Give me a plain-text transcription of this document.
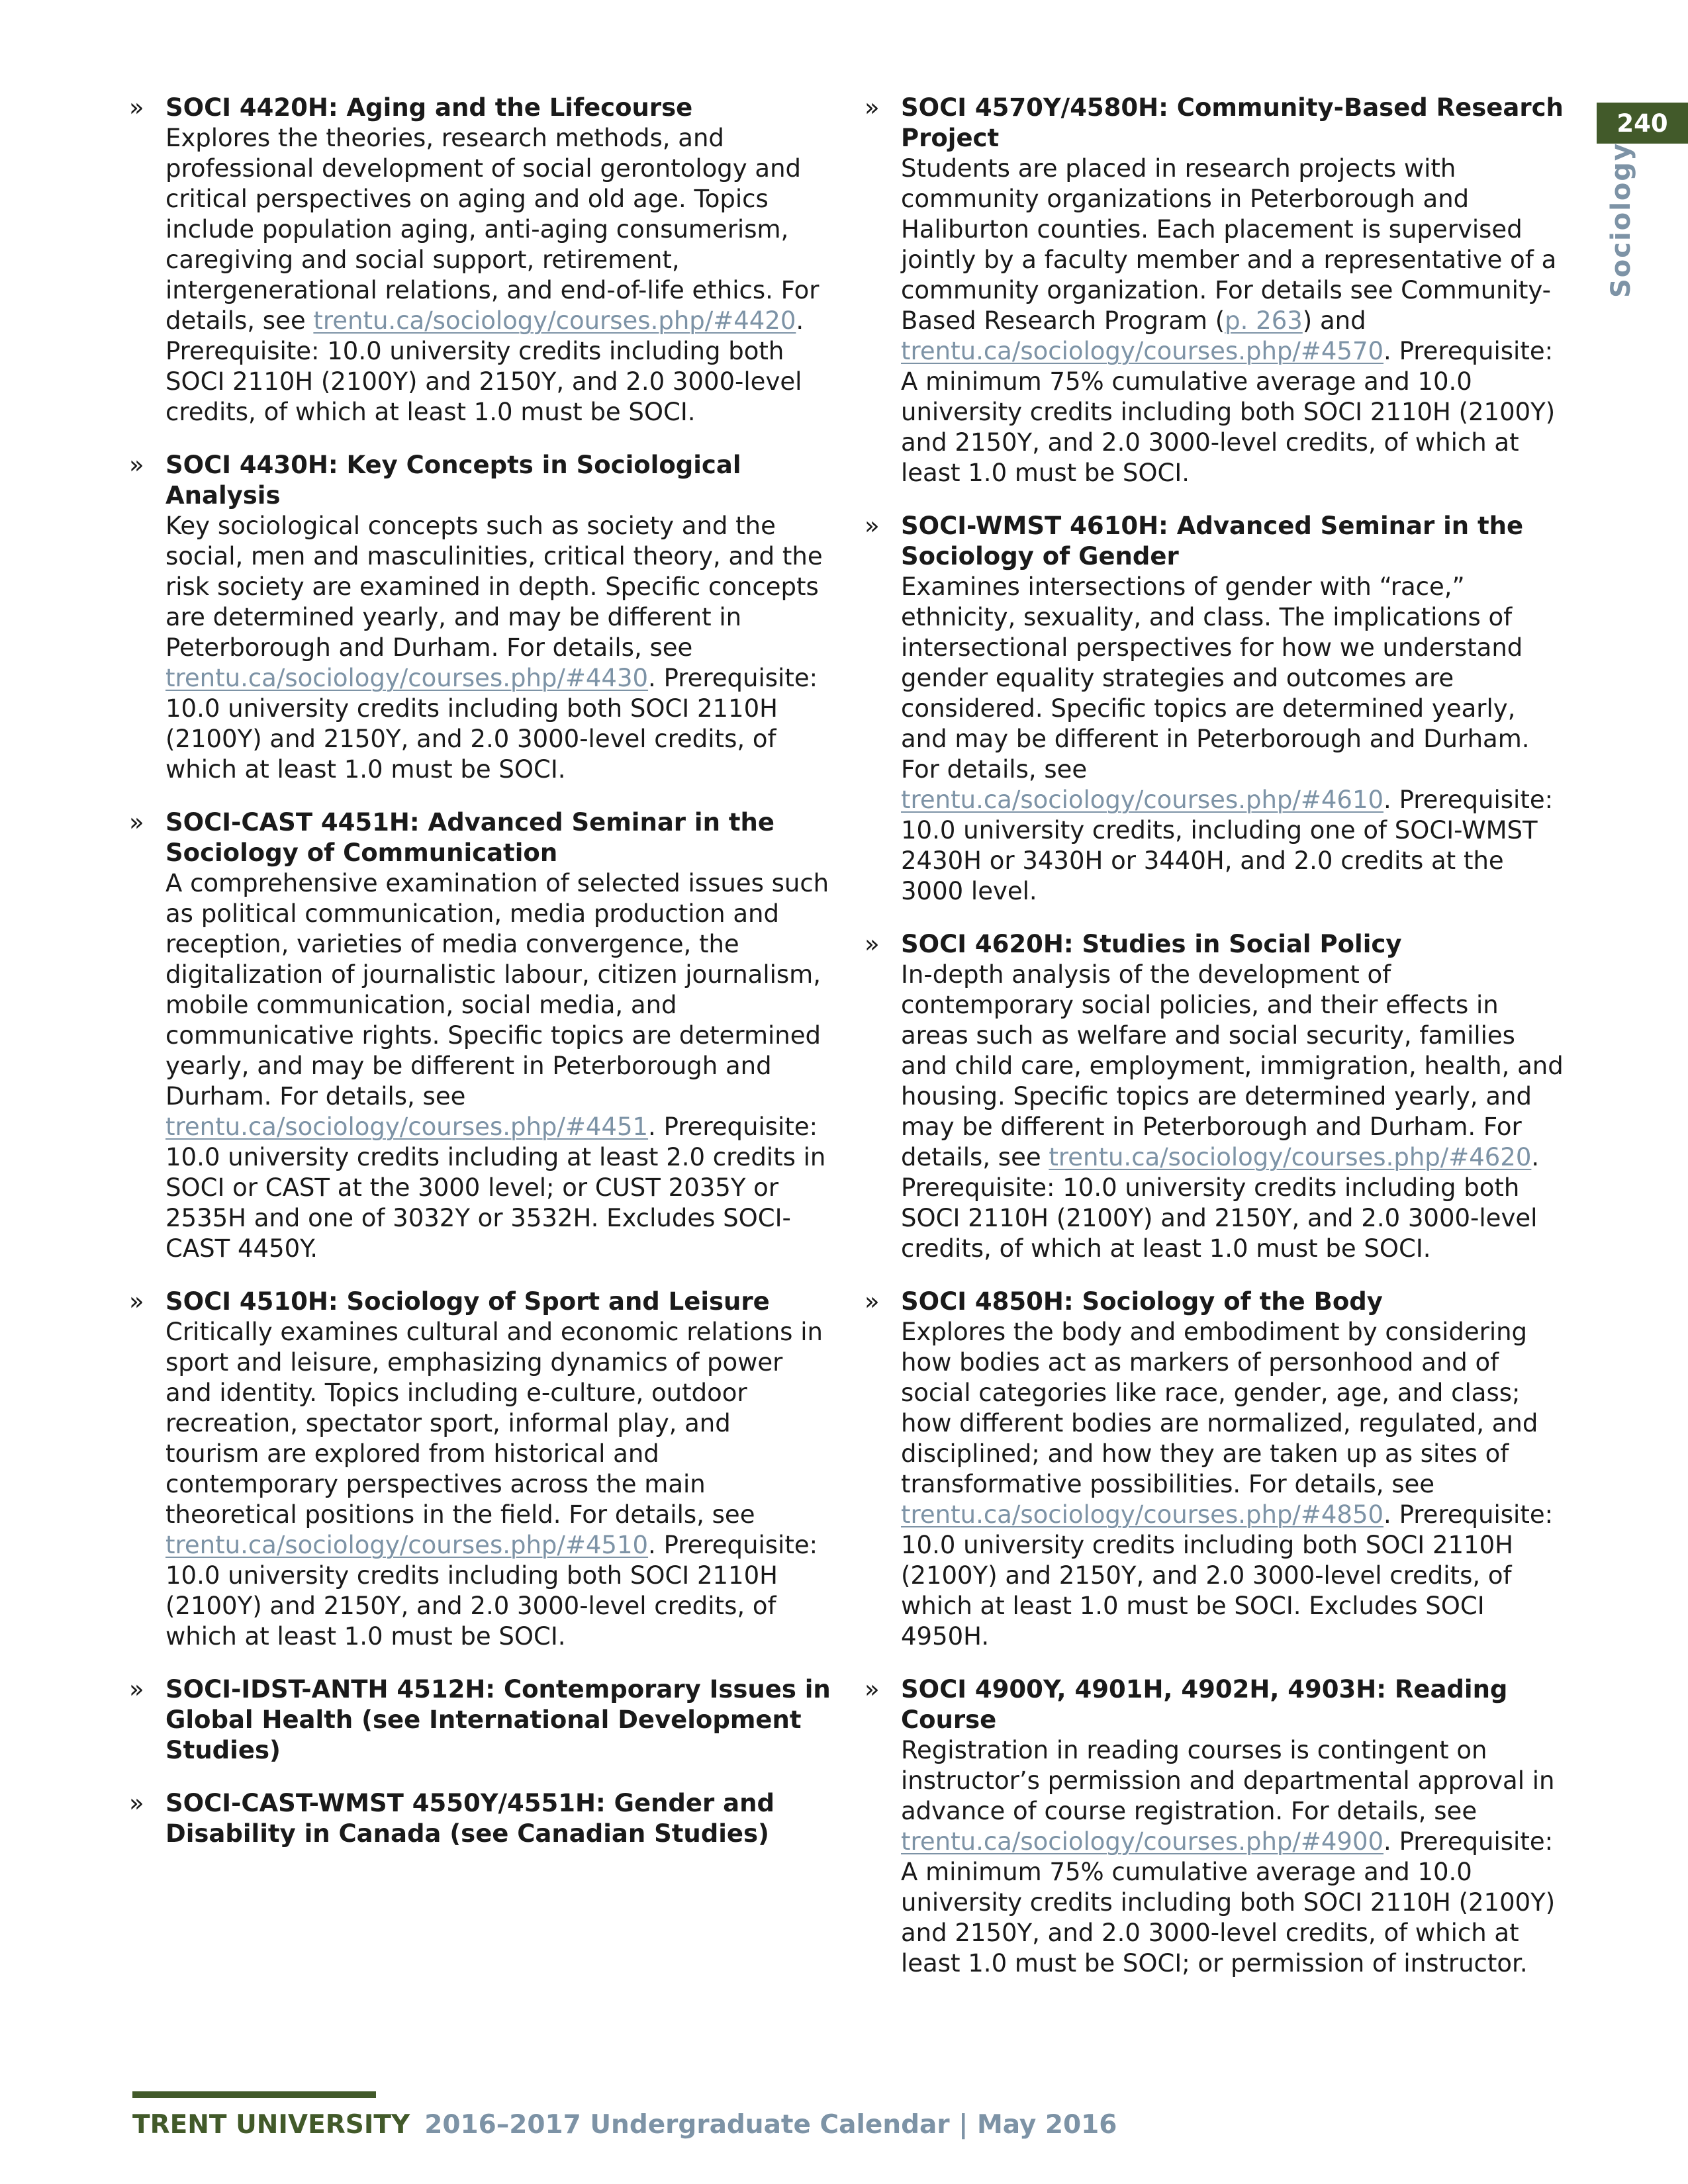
240
Sociology
» SOCI 4420H: Aging and the Lifecourse
Explores the theories, research methods, and professional development of social gerontology and critical perspectives on aging and old age. Topics include population aging, anti-aging consumerism, caregiving and social support, retirement, intergenerational relations, and end-of-life ethics. For details, see trentu.ca/sociology/courses.php/#4420. Prerequisite: 10.0 university credits including both SOCI 2110H (2100Y) and 2150Y, and 2.0 3000-level credits, of which at least 1.0 must be SOCI.
» SOCI 4430H: Key Concepts in Sociological Analysis
Key sociological concepts such as society and the social, men and masculinities, critical theory, and the risk society are examined in depth. Specific concepts are determined yearly, and may be different in Peterborough and Durham. For details, see trentu.ca/sociology/courses.php/#4430. Prerequisite: 10.0 university credits including both SOCI 2110H (2100Y) and 2150Y, and 2.0 3000-level credits, of which at least 1.0 must be SOCI.
» SOCI-CAST 4451H: Advanced Seminar in the Sociology of Communication
A comprehensive examination of selected issues such as political communication, media production and reception, varieties of media convergence, the digitalization of journalistic labour, citizen journalism, mobile communication, social media, and communicative rights. Specific topics are determined yearly, and may be different in Peterborough and Durham. For details, see trentu.ca/sociology/courses.php/#4451. Prerequisite: 10.0 university credits including at least 2.0 credits in SOCI or CAST at the 3000 level; or CUST 2035Y or 2535H and one of 3032Y or 3532H. Excludes SOCI-CAST 4450Y.
» SOCI 4510H: Sociology of Sport and Leisure
Critically examines cultural and economic relations in sport and leisure, emphasizing dynamics of power and identity. Topics including e-culture, outdoor recreation, spectator sport, informal play, and tourism are explored from historical and contemporary perspectives across the main theoretical positions in the field. For details, see trentu.ca/sociology/courses.php/#4510. Prerequisite: 10.0 university credits including both SOCI 2110H (2100Y) and 2150Y, and 2.0 3000-level credits, of which at least 1.0 must be SOCI.
» SOCI-IDST-ANTH 4512H: Contemporary Issues in Global Health (see International Development Studies)
» SOCI-CAST-WMST 4550Y/4551H: Gender and Disability in Canada (see Canadian Studies)
» SOCI 4570Y/4580H: Community-Based Research Project
Students are placed in research projects with community organizations in Peterborough and Haliburton counties. Each placement is supervised jointly by a faculty member and a representative of a community organization. For details see Community-Based Research Program (p. 263) and trentu.ca/sociology/courses.php/#4570. Prerequisite: A minimum 75% cumulative average and 10.0 university credits including both SOCI 2110H (2100Y) and 2150Y, and 2.0 3000-level credits, of which at least 1.0 must be SOCI.
» SOCI-WMST 4610H: Advanced Seminar in the Sociology of Gender
Examines intersections of gender with “race,” ethnicity, sexuality, and class. The implications of intersectional perspectives for how we understand gender equality strategies and outcomes are considered. Specific topics are determined yearly, and may be different in Peterborough and Durham. For details, see trentu.ca/sociology/courses.php/#4610. Prerequisite: 10.0 university credits, including one of SOCI-WMST 2430H or 3430H or 3440H, and 2.0 credits at the 3000 level.
» SOCI 4620H: Studies in Social Policy
In-depth analysis of the development of contemporary social policies, and their effects in areas such as welfare and social security, families and child care, employment, immigration, health, and housing. Specific topics are determined yearly, and may be different in Peterborough and Durham. For details, see trentu.ca/sociology/courses.php/#4620. Prerequisite: 10.0 university credits including both SOCI 2110H (2100Y) and 2150Y, and 2.0 3000-level credits, of which at least 1.0 must be SOCI.
» SOCI 4850H: Sociology of the Body
Explores the body and embodiment by considering how bodies act as markers of personhood and of social categories like race, gender, age, and class; how different bodies are normalized, regulated, and disciplined; and how they are taken up as sites of transformative possibilities. For details, see trentu.ca/sociology/courses.php/#4850. Prerequisite: 10.0 university credits including both SOCI 2110H (2100Y) and 2150Y, and 2.0 3000-level credits, of which at least 1.0 must be SOCI. Excludes SOCI 4950H.
» SOCI 4900Y, 4901H, 4902H, 4903H: Reading Course
Registration in reading courses is contingent on instructor’s permission and departmental approval in advance of course registration. For details, see trentu.ca/sociology/courses.php/#4900. Prerequisite: A minimum 75% cumulative average and 10.0 university credits including both SOCI 2110H (2100Y) and 2150Y, and 2.0 3000-level credits, of which at least 1.0 must be SOCI; or permission of instructor.
TRENT UNIVERSITY 2016–2017 Undergraduate Calendar | May 2016
